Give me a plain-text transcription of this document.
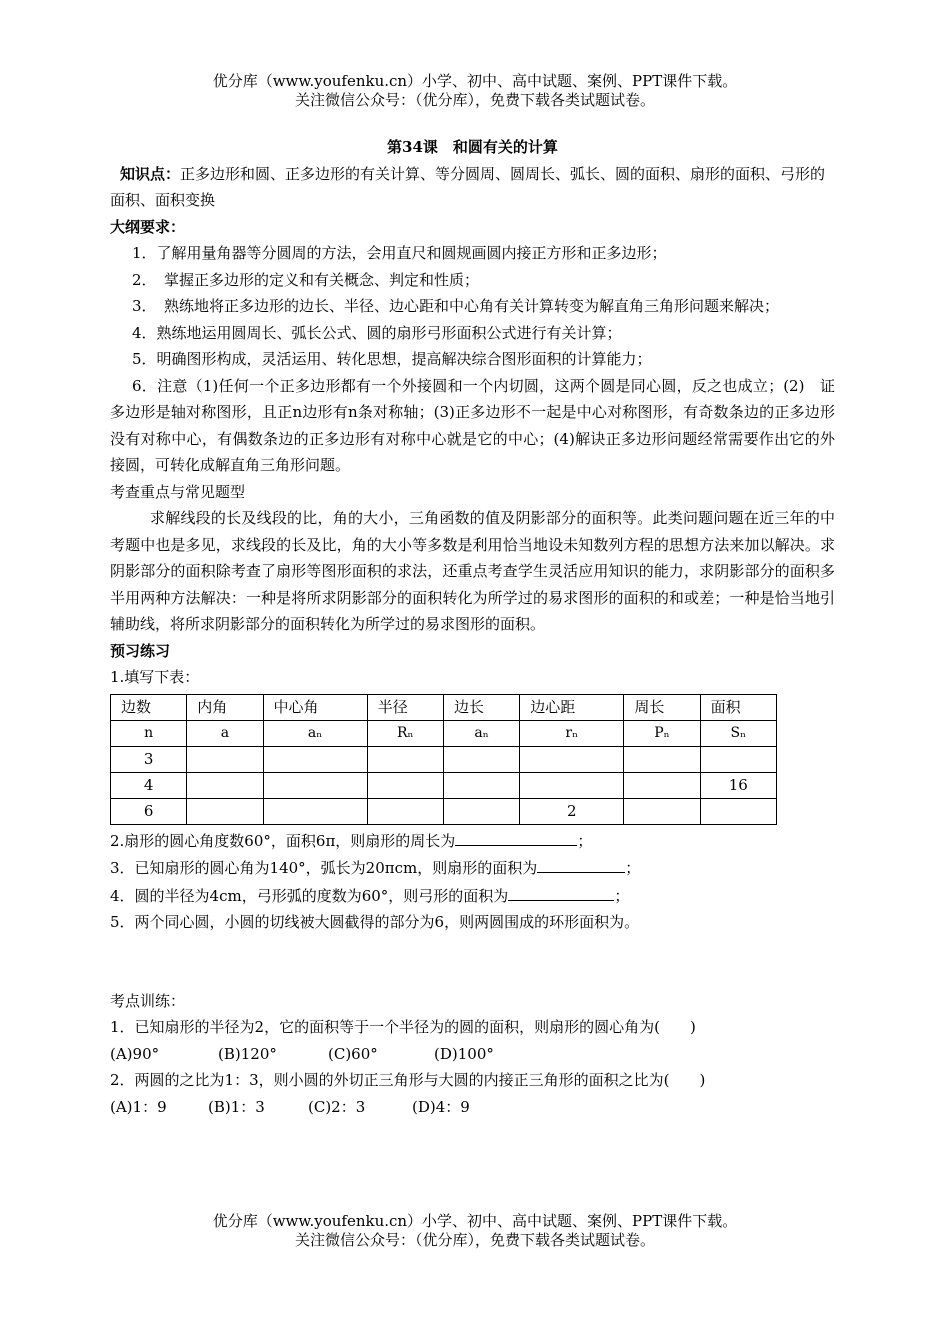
优分库（www.youfenku.cn）小学、初中、高中试题、案例、PPT课件下载。
关注微信公众号：（优分库），免费下载各类试题试卷。

第34课　和圆有关的计算

知识点：正多边形和圆、正多边形的有关计算、等分圆周、圆周长、弧长、圆的面积、扇形的面积、弓形的面积、面积变换

大纲要求：

1．了解用量角器等分圆周的方法，会用直尺和圆规画圆内接正方形和正多边形；

2．　掌握正多边形的定义和有关概念、判定和性质；

3．　熟练地将正多边形的边长、半径、边心距和中心角有关计算转变为解直角三角形问题来解决；

4．熟练地运用圆周长、弧长公式、圆的扇形弓形面积公式进行有关计算；

5．明确图形构成，灵活运用、转化思想，提高解决综合图形面积的计算能力；

6．注意（1)任何一个正多边形都有一个外接圆和一个内切圆，这两个圆是同心圆，反之也成立；(2)　证多边形是轴对称图形，且正n边形有n条对称轴；(3)正多边形不一起是中心对称图形，有奇数条边的正多边形没有对称中心，有偶数条边的正多边形有对称中心就是它的中心；(4)解诀正多边形问题经常需要作出它的外接圆，可转化成解直角三角形问题。

考查重点与常见题型

求解线段的长及线段的比，角的大小，三角函数的值及阴影部分的面积等。此类问题问题在近三年的中考题中也是多见，求线段的长及比，角的大小等多数是利用恰当地设未知数列方程的思想方法来加以解决。求阴影部分的面积除考查了扇形等图形面积的求法，还重点考查学生灵活应用知识的能力，求阴影部分的面积多半用两种方法解决：一种是将所求阴影部分的面积转化为所学过的易求图形的面积的和或差；一种是恰当地引辅助线，将所求阴影部分的面积转化为所学过的易求图形的面积。

预习练习

1.填写下表：

边数	内角	中心角	半径	边长	边心距	周长	面积
n	a	aₙ	Rₙ	aₙ	rₙ	Pₙ	Sₙ
3							
4							16
6					2		

2.扇形的圆心角度数60°，面积6π，则扇形的周长为	；

3．已知扇形的圆心角为140°，弧长为20πcm，则扇形的面积为	；

4．圆的半径为4cm，弓形弧的度数为60°，则弓形的面积为	；

5．两个同心圆，小圆的切线被大圆截得的部分为6，则两圆围成的环形面积为。

考点训练：

1．已知扇形的半径为2，它的面积等于一个半径为的圆的面积，则扇形的圆心角为(　　)

(A)90°	(B)120°	(C)60°	(D)100°

2．两圆的之比为1：3，则小圆的外切正三角形与大圆的内接正三角形的面积之比为(　　)

(A)1：9	(B)1：3	(C)2：3	(D)4：9

优分库（www.youfenku.cn）小学、初中、高中试题、案例、PPT课件下载。
关注微信公众号：（优分库），免费下载各类试题试卷。
